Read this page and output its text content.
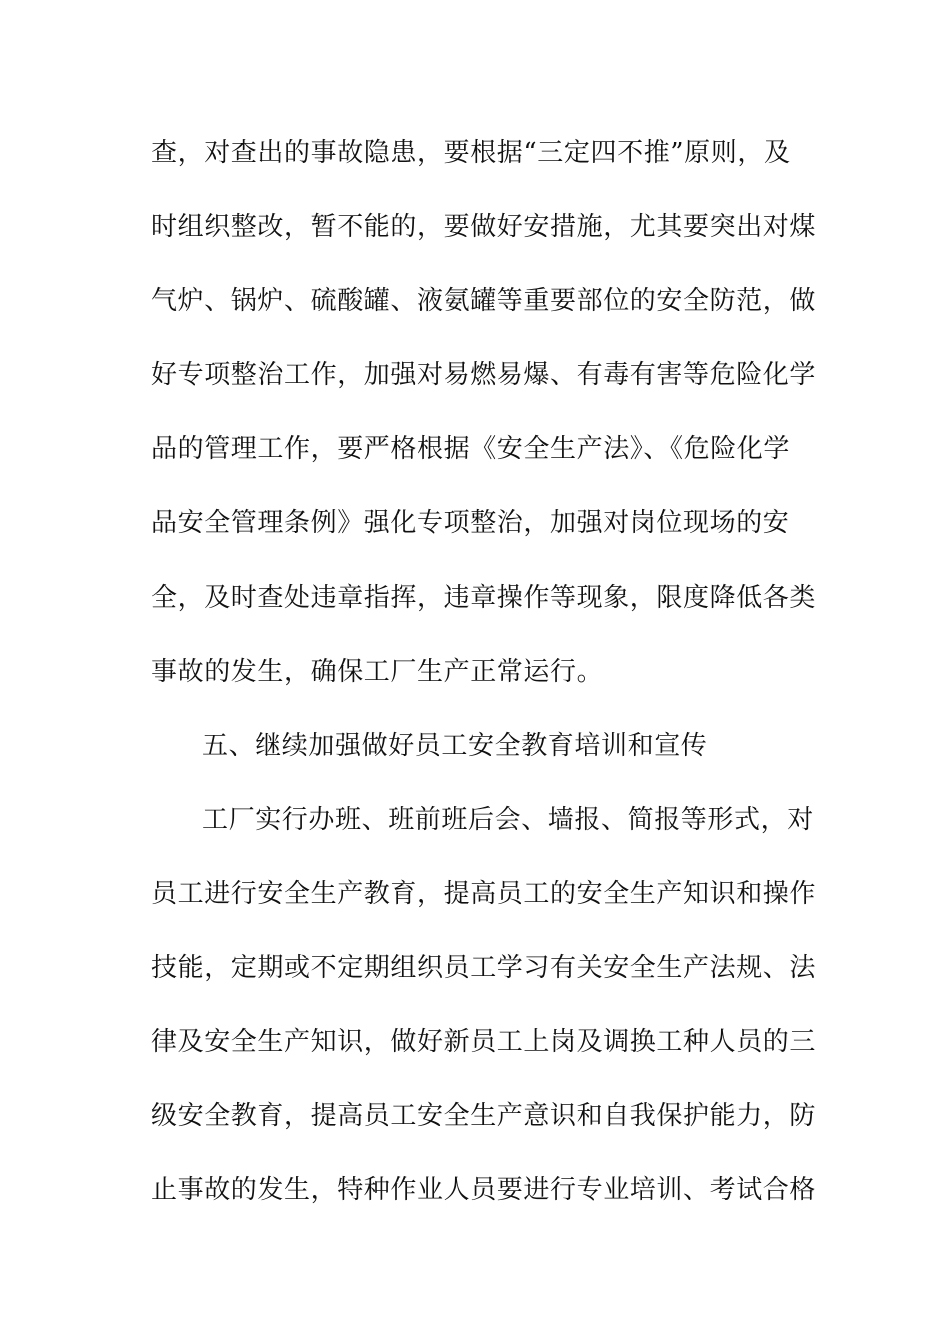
查，对查出的事故隐患，要根据“三定四不推”原则，及
时组织整改，暂不能的，要做好安措施，尤其要突出对煤
气炉、锅炉、硫酸罐、液氨罐等重要部位的安全防范，做
好专项整治工作，加强对易燃易爆、有毒有害等危险化学
品的管理工作，要严格根据《安全生产法》、《危险化学
品安全管理条例》强化专项整治，加强对岗位现场的安
全，及时查处违章指挥，违章操作等现象，限度降低各类
事故的发生，确保工厂生产正常运行。
五、继续加强做好员工安全教育培训和宣传
工厂实行办班、班前班后会、墙报、简报等形式，对
员工进行安全生产教育，提高员工的安全生产知识和操作
技能，定期或不定期组织员工学习有关安全生产法规、法
律及安全生产知识，做好新员工上岗及调换工种人员的三
级安全教育，提高员工安全生产意识和自我保护能力，防
止事故的发生，特种作业人员要进行专业培训、考试合格
